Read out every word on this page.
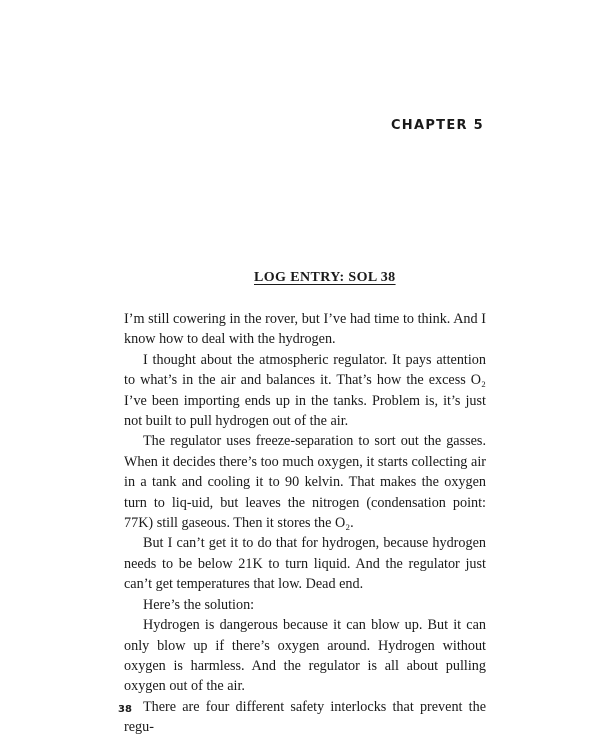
CHAPTER 5
LOG ENTRY: SOL 38

I’m still cowering in the rover, but I’ve had time to think. And I know how to deal with the hydrogen.

I thought about the atmospheric regulator. It pays attention to what’s in the air and balances it. That’s how the excess O₂ I’ve been importing ends up in the tanks. Problem is, it’s just not built to pull hydrogen out of the air.

The regulator uses freeze-separation to sort out the gasses. When it decides there’s too much oxygen, it starts collecting air in a tank and cooling it to 90 kelvin. That makes the oxygen turn to liq-uid, but leaves the nitrogen (condensation point: 77K) still gaseous. Then it stores the O₂.

But I can’t get it to do that for hydrogen, because hydrogen needs to be below 21K to turn liquid. And the regulator just can’t get temperatures that low. Dead end.

Here’s the solution:

Hydrogen is dangerous because it can blow up. But it can only blow up if there’s oxygen around. Hydrogen without oxygen is harmless. And the regulator is all about pulling oxygen out of the air.

There are four different safety interlocks that prevent the regu-

38
